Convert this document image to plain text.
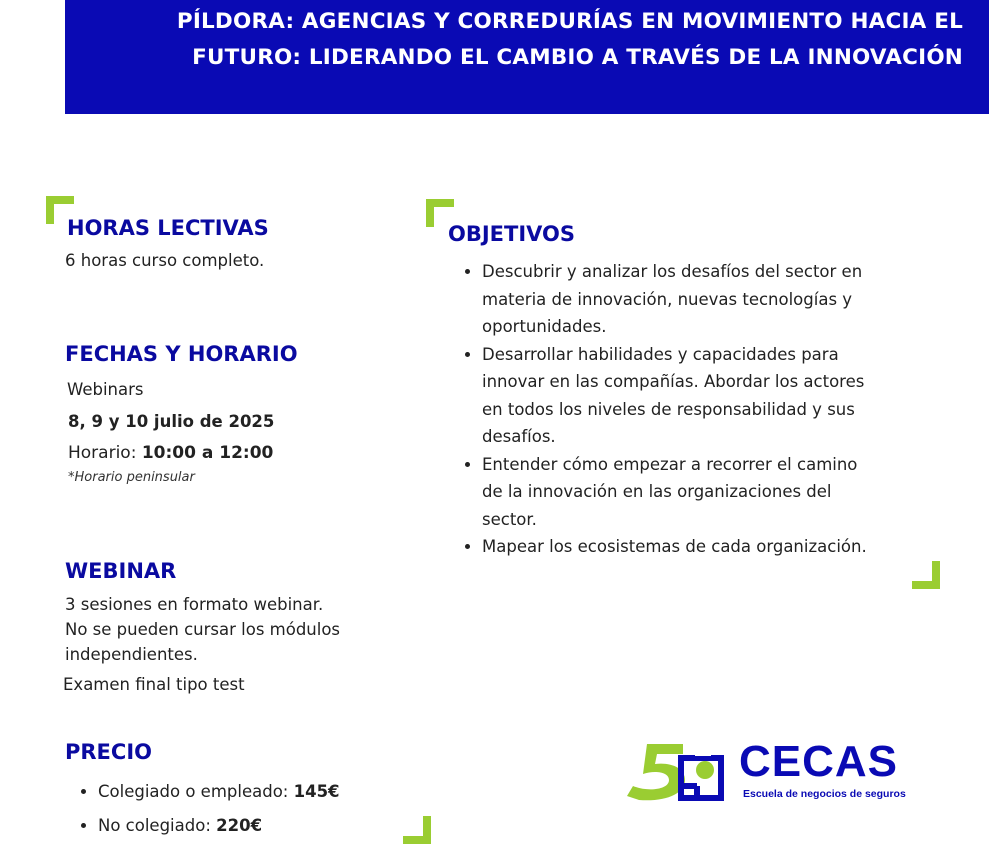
PÍLDORA: AGENCIAS Y CORREDURÍAS EN MOVIMIENTO HACIA EL
FUTURO: LIDERANDO EL CAMBIO A TRAVÉS DE LA INNOVACIÓN
HORAS LECTIVAS
6 horas curso completo.
FECHAS Y HORARIO
Webinars
8, 9 y 10 julio de 2025
Horario: 10:00 a 12:00
*Horario peninsular
WEBINAR
3 sesiones en formato webinar.
No se pueden cursar los módulos
independientes.
Examen final tipo test
PRECIO
• Colegiado o empleado: 145€
• No colegiado: 220€
OBJETIVOS
• Descubrir y analizar los desafíos del sector en
materia de innovación, nuevas tecnologías y
oportunidades.
• Desarrollar habilidades y capacidades para
innovar en las compañías. Abordar los actores
en todos los niveles de responsabilidad y sus
desafíos.
• Entender cómo empezar a recorrer el camino
de la innovación en las organizaciones del
sector.
• Mapear los ecosistemas de cada organización.
CECAS
Escuela de negocios de seguros
